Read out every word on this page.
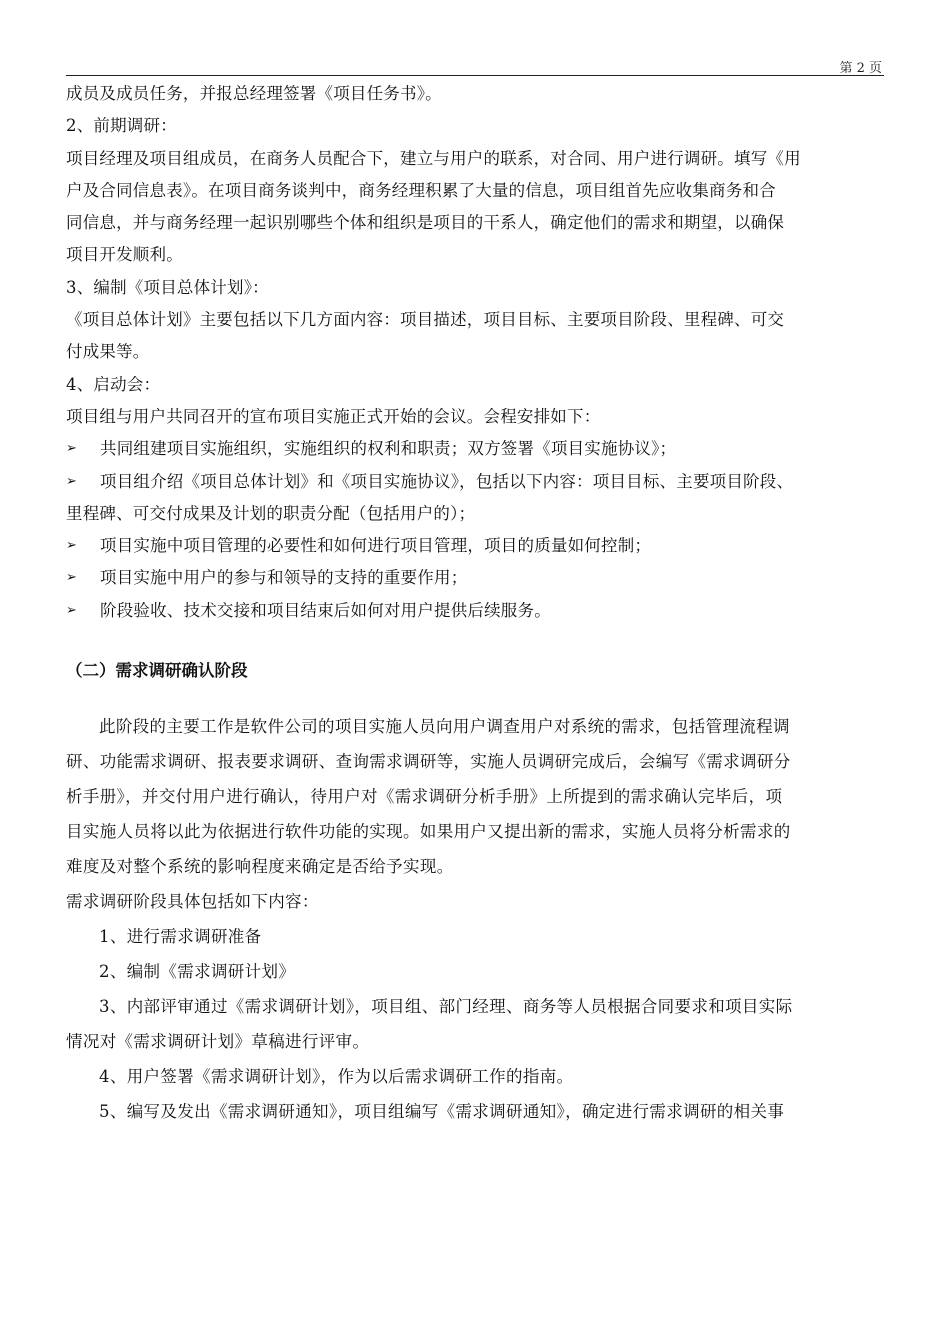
第 2 页
成员及成员任务，并报总经理签署《项目任务书》。
2、前期调研：
项目经理及项目组成员，在商务人员配合下，建立与用户的联系，对合同、用户进行调研。填写《用
户及合同信息表》。在项目商务谈判中，商务经理积累了大量的信息，项目组首先应收集商务和合
同信息，并与商务经理一起识别哪些个体和组织是项目的干系人，确定他们的需求和期望，以确保
项目开发顺利。
3、编制《项目总体计划》：
《项目总体计划》主要包括以下几方面内容：项目描述，项目目标、主要项目阶段、里程碑、可交
付成果等。
4、启动会：
项目组与用户共同召开的宣布项目实施正式开始的会议。会程安排如下：
➢	共同组建项目实施组织，实施组织的权利和职责；双方签署《项目实施协议》；
➢	项目组介绍《项目总体计划》和《项目实施协议》，包括以下内容：项目目标、主要项目阶段、
里程碑、可交付成果及计划的职责分配（包括用户的）；
➢	项目实施中项目管理的必要性和如何进行项目管理，项目的质量如何控制；
➢	项目实施中用户的参与和领导的支持的重要作用；
➢	阶段验收、技术交接和项目结束后如何对用户提供后续服务。
（二）需求调研确认阶段
此阶段的主要工作是软件公司的项目实施人员向用户调查用户对系统的需求，包括管理流程调
研、功能需求调研、报表要求调研、查询需求调研等，实施人员调研完成后，会编写《需求调研分
析手册》，并交付用户进行确认，待用户对《需求调研分析手册》上所提到的需求确认完毕后，项
目实施人员将以此为依据进行软件功能的实现。如果用户又提出新的需求，实施人员将分析需求的
难度及对整个系统的影响程度来确定是否给予实现。
需求调研阶段具体包括如下内容：
1、进行需求调研准备
2、编制《需求调研计划》
3、内部评审通过《需求调研计划》，项目组、部门经理、商务等人员根据合同要求和项目实际
情况对《需求调研计划》草稿进行评审。
4、用户签署《需求调研计划》，作为以后需求调研工作的指南。
5、编写及发出《需求调研通知》，项目组编写《需求调研通知》，确定进行需求调研的相关事
